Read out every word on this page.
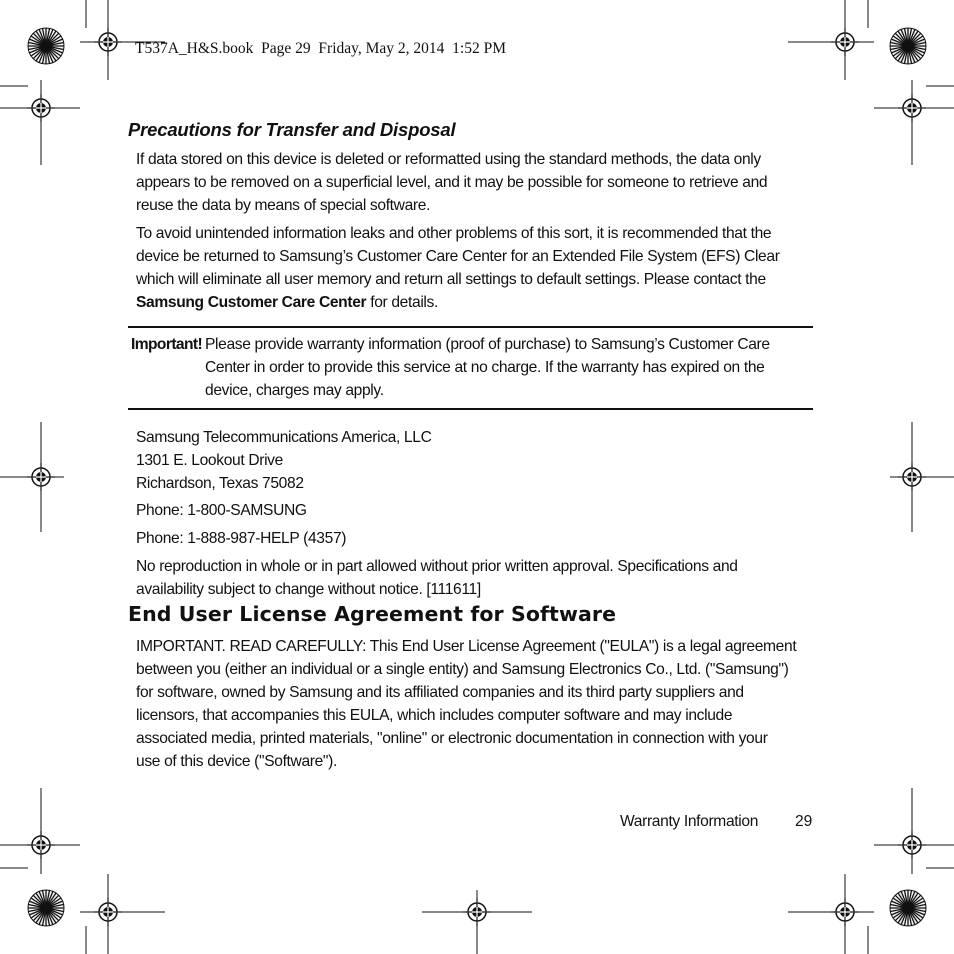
T537A_H&S.book  Page 29  Friday, May 2, 2014  1:52 PM
Precautions for Transfer and Disposal

If data stored on this device is deleted or reformatted using the standard methods, the data only
appears to be removed on a superficial level, and it may be possible for someone to retrieve and
reuse the data by means of special software.

To avoid unintended information leaks and other problems of this sort, it is recommended that the
device be returned to Samsung’s Customer Care Center for an Extended File System (EFS) Clear
which will eliminate all user memory and return all settings to default settings. Please contact the
Samsung Customer Care Center for details.

Important! Please provide warranty information (proof of purchase) to Samsung’s Customer Care
Center in order to provide this service at no charge. If the warranty has expired on the
device, charges may apply.

Samsung Telecommunications America, LLC
1301 E. Lookout Drive
Richardson, Texas 75082

Phone: 1-800-SAMSUNG

Phone: 1-888-987-HELP (4357)

No reproduction in whole or in part allowed without prior written approval. Specifications and
availability subject to change without notice. [111611]

End User License Agreement for Software

IMPORTANT. READ CAREFULLY: This End User License Agreement ("EULA") is a legal agreement
between you (either an individual or a single entity) and Samsung Electronics Co., Ltd. ("Samsung")
for software, owned by Samsung and its affiliated companies and its third party suppliers and
licensors, that accompanies this EULA, which includes computer software and may include
associated media, printed materials, "online" or electronic documentation in connection with your
use of this device ("Software").

Warranty Information 29
